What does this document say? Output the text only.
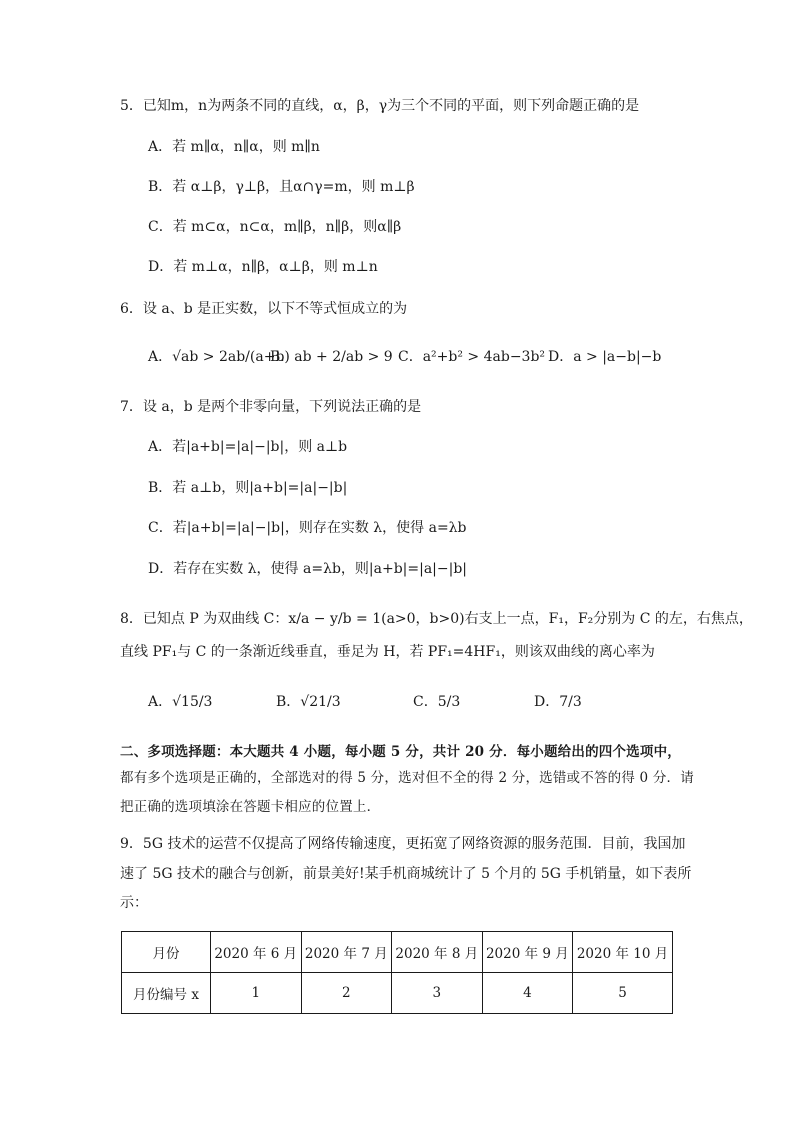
5．已知m，n为两条不同的直线，α，β，γ为三个不同的平面，则下列命题正确的是
A．若 m∥α，n∥α，则 m∥n
B．若 α⊥β，γ⊥β，且α∩γ=m，则 m⊥β
C．若 m⊂α，n⊂α，m∥β，n∥β，则α∥β
D．若 m⊥α，n∥β，α⊥β，则 m⊥n
6．设 a、b 是正实数，以下不等式恒成立的为
A．√ab > 2ab/(a+b)
B．ab + 2/ab > 9 C．a²+b² > 4ab−3b² D．a > |a−b|−b
7．设 a，b 是两个非零向量，下列说法正确的是
A．若|a+b|=|a|−|b|，则 a⊥b
B．若 a⊥b，则|a+b|=|a|−|b|
C．若|a+b|=|a|−|b|，则存在实数 λ，使得 a=λb
D．若存在实数 λ，使得 a=λb，则|a+b|=|a|−|b|
8．已知点 P 为双曲线 C：x/a − y/b = 1(a>0，b>0)右支上一点，F₁，F₂分别为 C 的左，右焦点，
直线 PF₁与 C 的一条渐近线垂直，垂足为 H，若 PF₁=4HF₁，则该双曲线的离心率为
A．√15/3	B．√21/3	C．5/3	D．7/3
二、多项选择题：本大题共 4 小题，每小题 5 分，共计 20 分．每小题给出的四个选项中，
都有多个选项是正确的，全部选对的得 5 分，选对但不全的得 2 分，选错或不答的得 0 分．请
把正确的选项填涂在答题卡相应的位置上．
9．5G 技术的运营不仅提高了网络传输速度，更拓宽了网络资源的服务范围．目前，我国加
速了 5G 技术的融合与创新，前景美好!某手机商城统计了 5 个月的 5G 手机销量，如下表所
示：
月份	2020 年 6 月	2020 年 7 月	2020 年 8 月	2020 年 9 月	2020 年 10 月
月份编号 x	1	2	3	4	5
